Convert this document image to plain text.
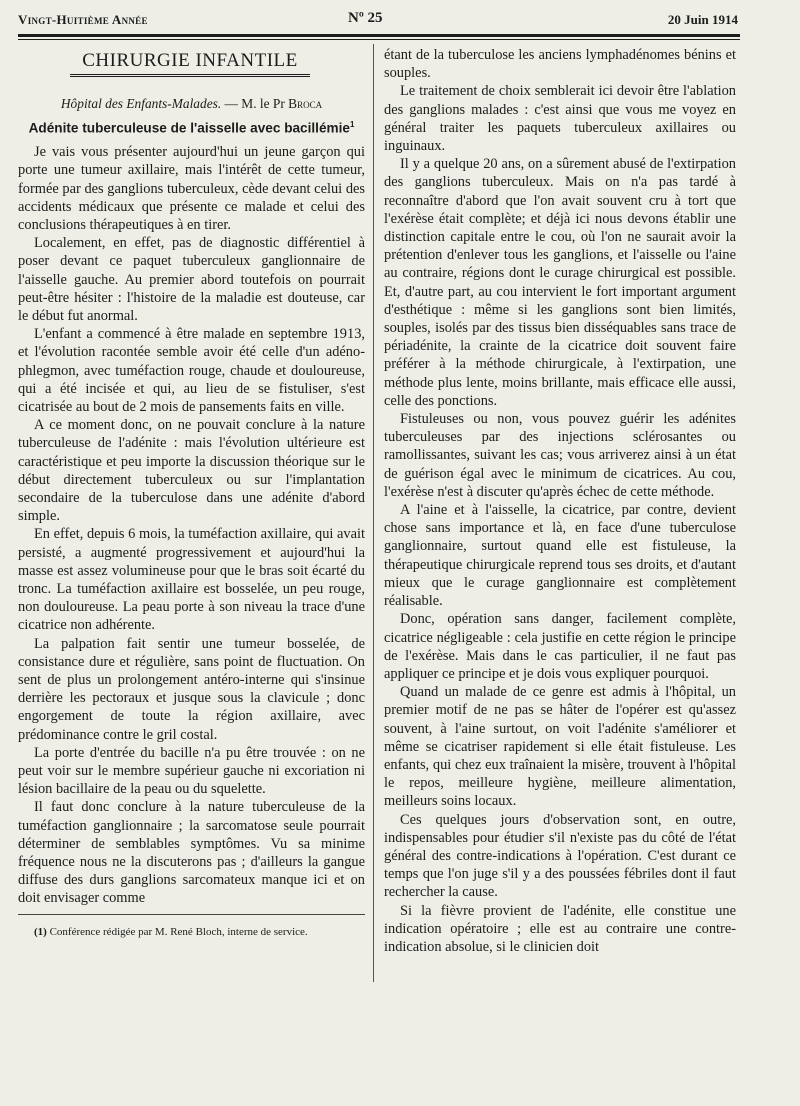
Vingt-Huitième Année	Nº 25	20 Juin 1914
CHIRURGIE INFANTILE
Hôpital des Enfants-Malades. — M. le Pr Broca
Adénite tuberculeuse de l'aisselle avec bacillémie$^1$

Je vais vous présenter aujourd'hui un jeune garçon qui porte une tumeur axillaire, mais l'intérêt de cette tumeur, formée par des ganglions tuberculeux, cède devant celui des accidents médicaux que présente ce malade et celui des conclusions thérapeutiques à en tirer.

Localement, en effet, pas de diagnostic différentiel à poser devant ce paquet tuberculeux ganglionnaire de l'aisselle gauche. Au premier abord toutefois on pourrait peut-être hésiter : l'histoire de la maladie est douteuse, car le début fut anormal.

L'enfant a commencé à être malade en septembre 1913, et l'évolution racontée semble avoir été celle d'un adéno-phlegmon, avec tuméfaction rouge, chaude et douloureuse, qui a été incisée et qui, au lieu de se fistuliser, s'est cicatrisée au bout de 2 mois de pansements faits en ville.

A ce moment donc, on ne pouvait conclure à la nature tuberculeuse de l'adénite : mais l'évolution ultérieure est caractéristique et peu importe la discussion théorique sur le début directement tuberculeux ou sur l'implantation secondaire de la tuberculose dans une adénite d'abord simple.

En effet, depuis 6 mois, la tuméfaction axillaire, qui avait persisté, a augmenté progressivement et aujourd'hui la masse est assez volumineuse pour que le bras soit écarté du tronc. La tuméfaction axillaire est bosselée, un peu rouge, non douloureuse. La peau porte à son niveau la trace d'une cicatrice non adhérente.

La palpation fait sentir une tumeur bosselée, de consistance dure et régulière, sans point de fluctuation. On sent de plus un prolongement antéro-interne qui s'insinue derrière les pectoraux et jusque sous la clavicule ; donc engorgement de toute la région axillaire, avec prédominance contre le gril costal.

La porte d'entrée du bacille n'a pu être trouvée : on ne peut voir sur le membre supérieur gauche ni excoriation ni lésion bacillaire de la peau ou du squelette.

Il faut donc conclure à la nature tuberculeuse de la tuméfaction ganglionnaire ; la sarcomatose seule pourrait déterminer de semblables symptômes. Vu sa minime fréquence nous ne la discuterons pas ; d'ailleurs la gangue diffuse des durs ganglions sarcomateux manque ici et on doit envisager comme

(1) Conférence rédigée par M. René Bloch, interne de service.

étant de la tuberculose les anciens lymphadénomes bénins et souples.

Le traitement de choix semblerait ici devoir être l'ablation des ganglions malades : c'est ainsi que vous me voyez en général traiter les paquets tuberculeux axillaires ou inguinaux.

Il y a quelque 20 ans, on a sûrement abusé de l'extirpation des ganglions tuberculeux. Mais on n'a pas tardé à reconnaître d'abord que l'on avait souvent cru à tort que l'exérèse était complète; et déjà ici nous devons établir une distinction capitale entre le cou, où l'on ne saurait avoir la prétention d'enlever tous les ganglions, et l'aisselle ou l'aine au contraire, régions dont le curage chirurgical est possible. Et, d'autre part, au cou intervient le fort important argument d'esthétique : même si les ganglions sont bien limités, souples, isolés par des tissus bien disséquables sans trace de périadénite, la crainte de la cicatrice doit souvent faire préférer à la méthode chirurgicale, à l'extirpation, une méthode plus lente, moins brillante, mais efficace elle aussi, celle des ponctions.

Fistuleuses ou non, vous pouvez guérir les adénites tuberculeuses par des injections sclérosantes ou ramollissantes, suivant les cas; vous arriverez ainsi à un état de guérison égal avec le minimum de cicatrices. Au cou, l'exérèse n'est à discuter qu'après échec de cette méthode.

A l'aine et à l'aisselle, la cicatrice, par contre, devient chose sans importance et là, en face d'une tuberculose ganglionnaire, surtout quand elle est fistuleuse, la thérapeutique chirurgicale reprend tous ses droits, et d'autant mieux que le curage ganglionnaire est complètement réalisable.

Donc, opération sans danger, facilement complète, cicatrice négligeable : cela justifie en cette région le principe de l'exérèse. Mais dans le cas particulier, il ne faut pas appliquer ce principe et je dois vous expliquer pourquoi.

Quand un malade de ce genre est admis à l'hôpital, un premier motif de ne pas se hâter de l'opérer est qu'assez souvent, à l'aine surtout, on voit l'adénite s'améliorer et même se cicatriser rapidement si elle était fistuleuse. Les enfants, qui chez eux traînaient la misère, trouvent à l'hôpital le repos, meilleure hygiène, meilleure alimentation, meilleurs soins locaux.

Ces quelques jours d'observation sont, en outre, indispensables pour étudier s'il n'existe pas du côté de l'état général des contre-indications à l'opération. C'est durant ce temps que l'on juge s'il y a des poussées fébriles dont il faut rechercher la cause.

Si la fièvre provient de l'adénite, elle constitue une indication opératoire ; elle est au contraire une contre-indication absolue, si le clinicien doit
